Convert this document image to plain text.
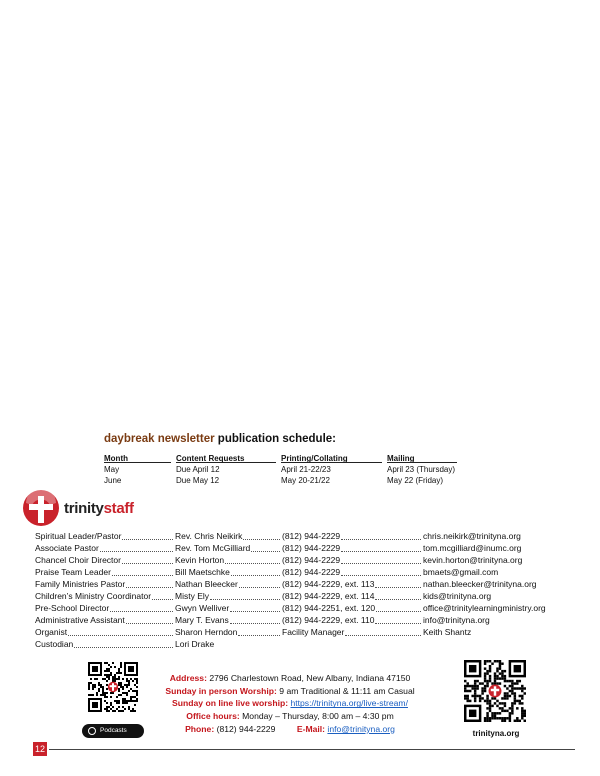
daybreak newsletter publication schedule:
Month	Content Requests	Printing/Collating	Mailing
May	Due April 12	April 21-22/23	April 23 (Thursday)
June	Due May 12	May 20-21/22	May 22 (Friday)
trinitystaff
Spiritual Leader/Pastor	Rev. Chris Neikirk	(812) 944-2229	chris.neikirk@trinityna.org
Associate Pastor	Rev. Tom McGilliard	(812) 944-2229	tom.mcgilliard@inumc.org
Chancel Choir Director	Kevin Horton	(812) 944-2229	kevin.horton@trinityna.org
Praise Team Leader	Bill Maetschke	(812) 944-2229	bmaets@gmail.com
Family Ministries Pastor	Nathan Bleecker	(812) 944-2229, ext. 113	nathan.bleecker@trinityna.org
Children’s Ministry Coordinator	Misty Ely	(812) 944-2229, ext. 114	kids@trinityna.org
Pre-School Director	Gwyn Welliver	(812) 944-2251, ext. 120	office@trinitylearningministry.org
Administrative Assistant	Mary T. Evans	(812) 944-2229, ext. 110	info@trinityna.org
Organist	Sharon Herndon	Facility Manager	Keith Shantz
Custodian	Lori Drake
Podcasts
Address: 2796 Charlestown Road, New Albany, Indiana 47150
Sunday in person Worship: 9 am Traditional & 11:11 am Casual
Sunday on line live worship: https://trinityna.org/live-stream/
Office hours: Monday – Thursday, 8:00 am – 4:30 pm
Phone: (812) 944-2229	E-Mail: info@trinityna.org	trinityna.org
12
